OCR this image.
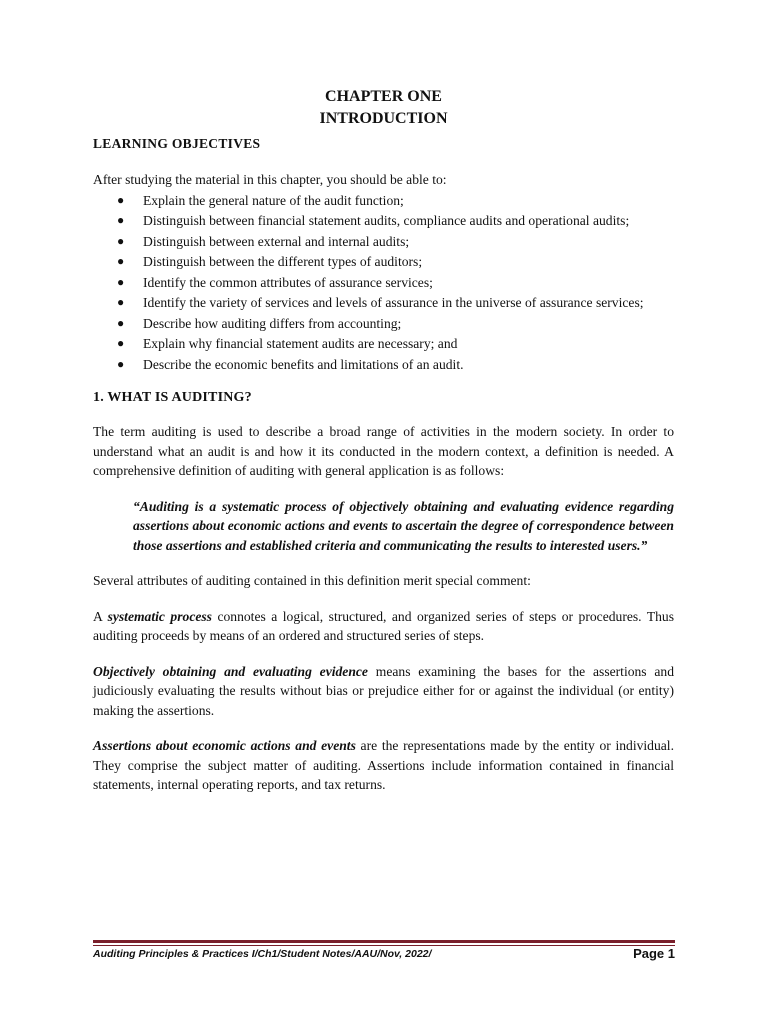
CHAPTER ONE
INTRODUCTION
LEARNING OBJECTIVES

After studying the material in this chapter, you should be able to:

● Explain the general nature of the audit function;
● Distinguish between financial statement audits, compliance audits and operational audits;
● Distinguish between external and internal audits;
● Distinguish between the different types of auditors;
● Identify the common attributes of assurance services;
● Identify the variety of services and levels of assurance in the universe of assurance services;
● Describe how auditing differs from accounting;
● Explain why financial statement audits are necessary; and
● Describe the economic benefits and limitations of an audit.
1. WHAT IS AUDITING?

The term auditing is used to describe a broad range of activities in the modern society. In order to understand what an audit is and how it its conducted in the modern context, a definition is needed. A comprehensive definition of auditing with general application is as follows:

“Auditing is a systematic process of objectively obtaining and evaluating evidence regarding assertions about economic actions and events to ascertain the degree of correspondence between those assertions and established criteria and communicating the results to interested users.”

Several attributes of auditing contained in this definition merit special comment:

A systematic process connotes a logical, structured, and organized series of steps or procedures. Thus auditing proceeds by means of an ordered and structured series of steps.

Objectively obtaining and evaluating evidence means examining the bases for the assertions and judiciously evaluating the results without bias or prejudice either for or against the individual (or entity) making the assertions.

Assertions about economic actions and events are the representations made by the entity or individual. They comprise the subject matter of auditing. Assertions include information contained in financial statements, internal operating reports, and tax returns.

Auditing Principles & Practices I/Ch1/Student Notes/AAU/Nov, 2022/	Page 1
